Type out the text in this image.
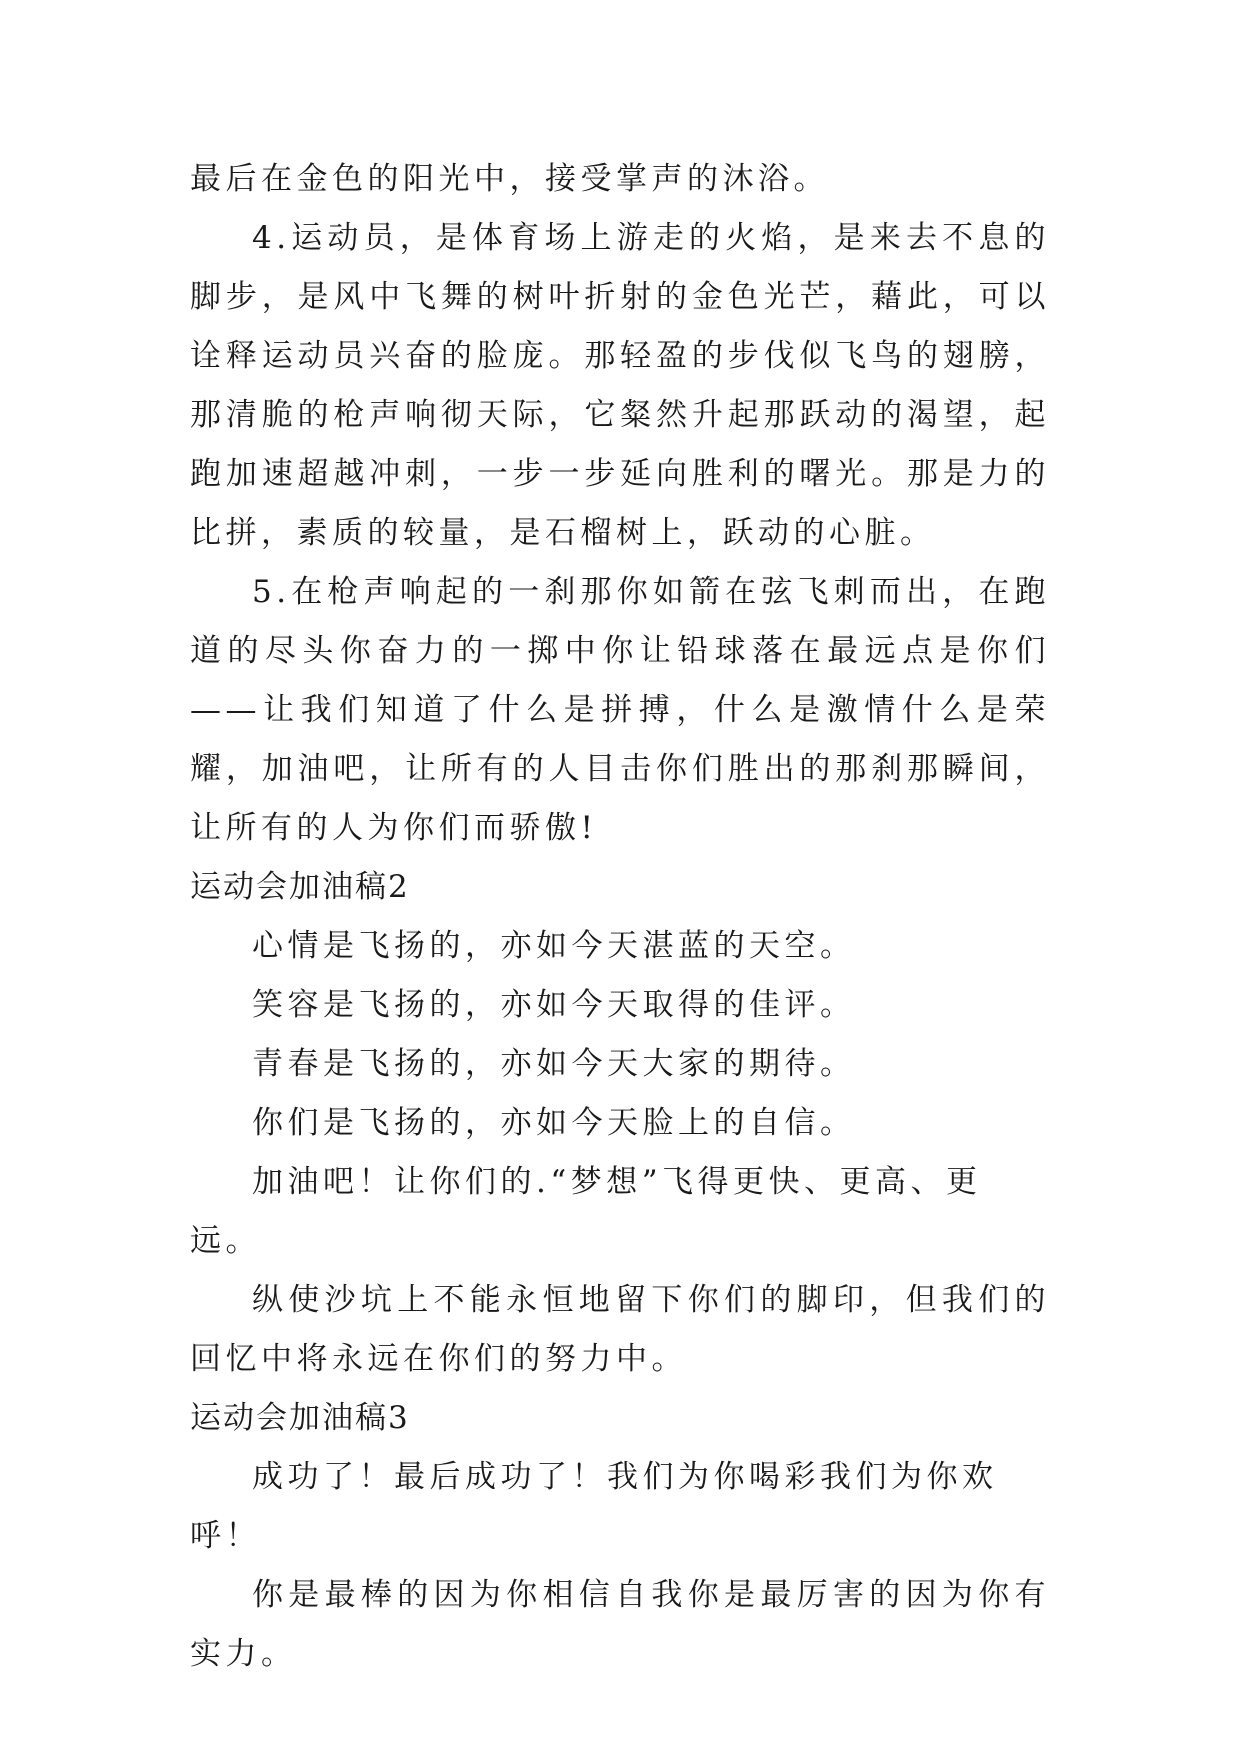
最后在金色的阳光中，接受掌声的沐浴。

4.运动员，是体育场上游走的火焰，是来去不息的脚步，是风中飞舞的树叶折射的金色光芒，藉此，可以诠释运动员兴奋的脸庞。那轻盈的步伐似飞鸟的翅膀，那清脆的枪声响彻天际，它粲然升起那跃动的渴望，起跑加速超越冲刺，一步一步延向胜利的曙光。那是力的比拼，素质的较量，是石榴树上，跃动的心脏。

5.在枪声响起的一刹那你如箭在弦飞刺而出，在跑道的尽头你奋力的一掷中你让铅球落在最远点是你们——让我们知道了什么是拼搏，什么是激情什么是荣耀，加油吧，让所有的人目击你们胜出的那刹那瞬间，让所有的人为你们而骄傲!

运动会加油稿2

心情是飞扬的，亦如今天湛蓝的天空。

笑容是飞扬的，亦如今天取得的佳评。

青春是飞扬的，亦如今天大家的期待。

你们是飞扬的，亦如今天脸上的自信。

加油吧！让你们的.“梦想”飞得更快、更高、更远。

纵使沙坑上不能永恒地留下你们的脚印，但我们的回忆中将永远在你们的努力中。

运动会加油稿3

成功了！最后成功了！我们为你喝彩我们为你欢呼！

你是最棒的因为你相信自我你是最厉害的因为你有实力。
